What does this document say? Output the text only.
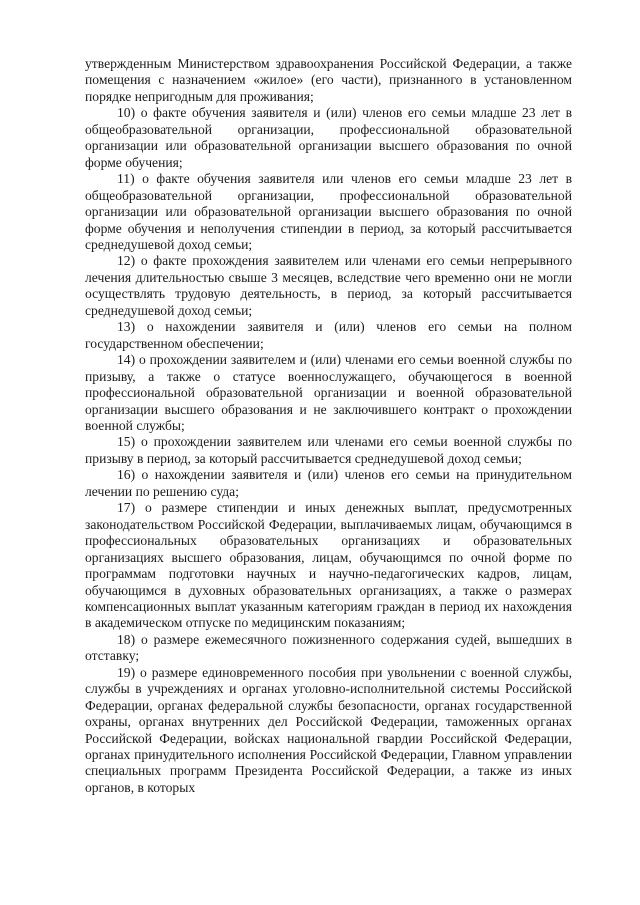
утвержденным Министерством здравоохранения Российской Федерации, а также помещения с назначением «жилое» (его части), признанного в установленном порядке непригодным для проживания;

10) о факте обучения заявителя и (или) членов его семьи младше 23 лет в общеобразовательной организации, профессиональной образовательной организации или образовательной организации высшего образования по очной форме обучения;

11) о факте обучения заявителя или членов его семьи младше 23 лет в общеобразовательной организации, профессиональной образовательной организации или образовательной организации высшего образования по очной форме обучения и неполучения стипендии в период, за который рассчитывается среднедушевой доход семьи;

12) о факте прохождения заявителем или членами его семьи непрерывного лечения длительностью свыше 3 месяцев, вследствие чего временно они не могли осуществлять трудовую деятельность, в период, за который рассчитывается среднедушевой доход семьи;

13) о нахождении заявителя и (или) членов его семьи на полном государственном обеспечении;

14) о прохождении заявителем и (или) членами его семьи военной службы по призыву, а также о статусе военнослужащего, обучающегося в военной профессиональной образовательной организации и военной образовательной организации высшего образования и не заключившего контракт о прохождении военной службы;

15) о прохождении заявителем или членами его семьи военной службы по призыву в период, за который рассчитывается среднедушевой доход семьи;

16) о нахождении заявителя и (или) членов его семьи на принудительном лечении по решению суда;

17) о размере стипендии и иных денежных выплат, предусмотренных законодательством Российской Федерации, выплачиваемых лицам, обучающимся в профессиональных образовательных организациях и образовательных организациях высшего образования, лицам, обучающимся по очной форме по программам подготовки научных и научно-педагогических кадров, лицам, обучающимся в духовных образовательных организациях, а также о размерах компенсационных выплат указанным категориям граждан в период их нахождения в академическом отпуске по медицинским показаниям;

18) о размере ежемесячного пожизненного содержания судей, вышедших в отставку;

19) о размере единовременного пособия при увольнении с военной службы, службы в учреждениях и органах уголовно-исполнительной системы Российской Федерации, органах федеральной службы безопасности, органах государственной охраны, органах внутренних дел Российской Федерации, таможенных органах Российской Федерации, войсках национальной гвардии Российской Федерации, органах принудительного исполнения Российской Федерации, Главном управлении специальных программ Президента Российской Федерации, а также из иных органов, в которых
